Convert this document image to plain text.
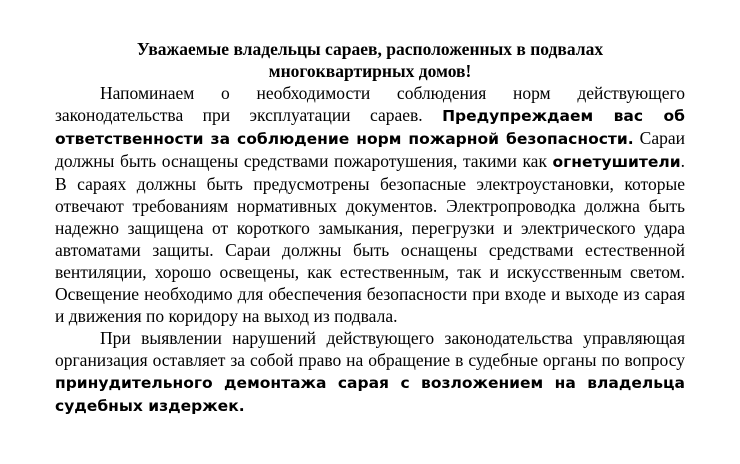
Уважаемые владельцы сараев, расположенных в подвалах
многоквартирных домов!

Напоминаем о необходимости соблюдения норм действующего законодательства при эксплуатации сараев. Предупреждаем вас об ответственности за соблюдение норм пожарной безопасности. Сараи должны быть оснащены средствами пожаротушения, такими как огнетушители. В сараях должны быть предусмотрены безопасные электроустановки, которые отвечают требованиям нормативных документов. Электропроводка должна быть надежно защищена от короткого замыкания, перегрузки и электрического удара автоматами защиты. Сараи должны быть оснащены средствами естественной вентиляции, хорошо освещены, как естественным, так и искусственным светом. Освещение необходимо для обеспечения безопасности при входе и выходе из сарая и движения по коридору на выход из подвала.

При выявлении нарушений действующего законодательства управляющая организация оставляет за собой право на обращение в судебные органы по вопросу принудительного демонтажа сарая с возложением на владельца судебных издержек.
